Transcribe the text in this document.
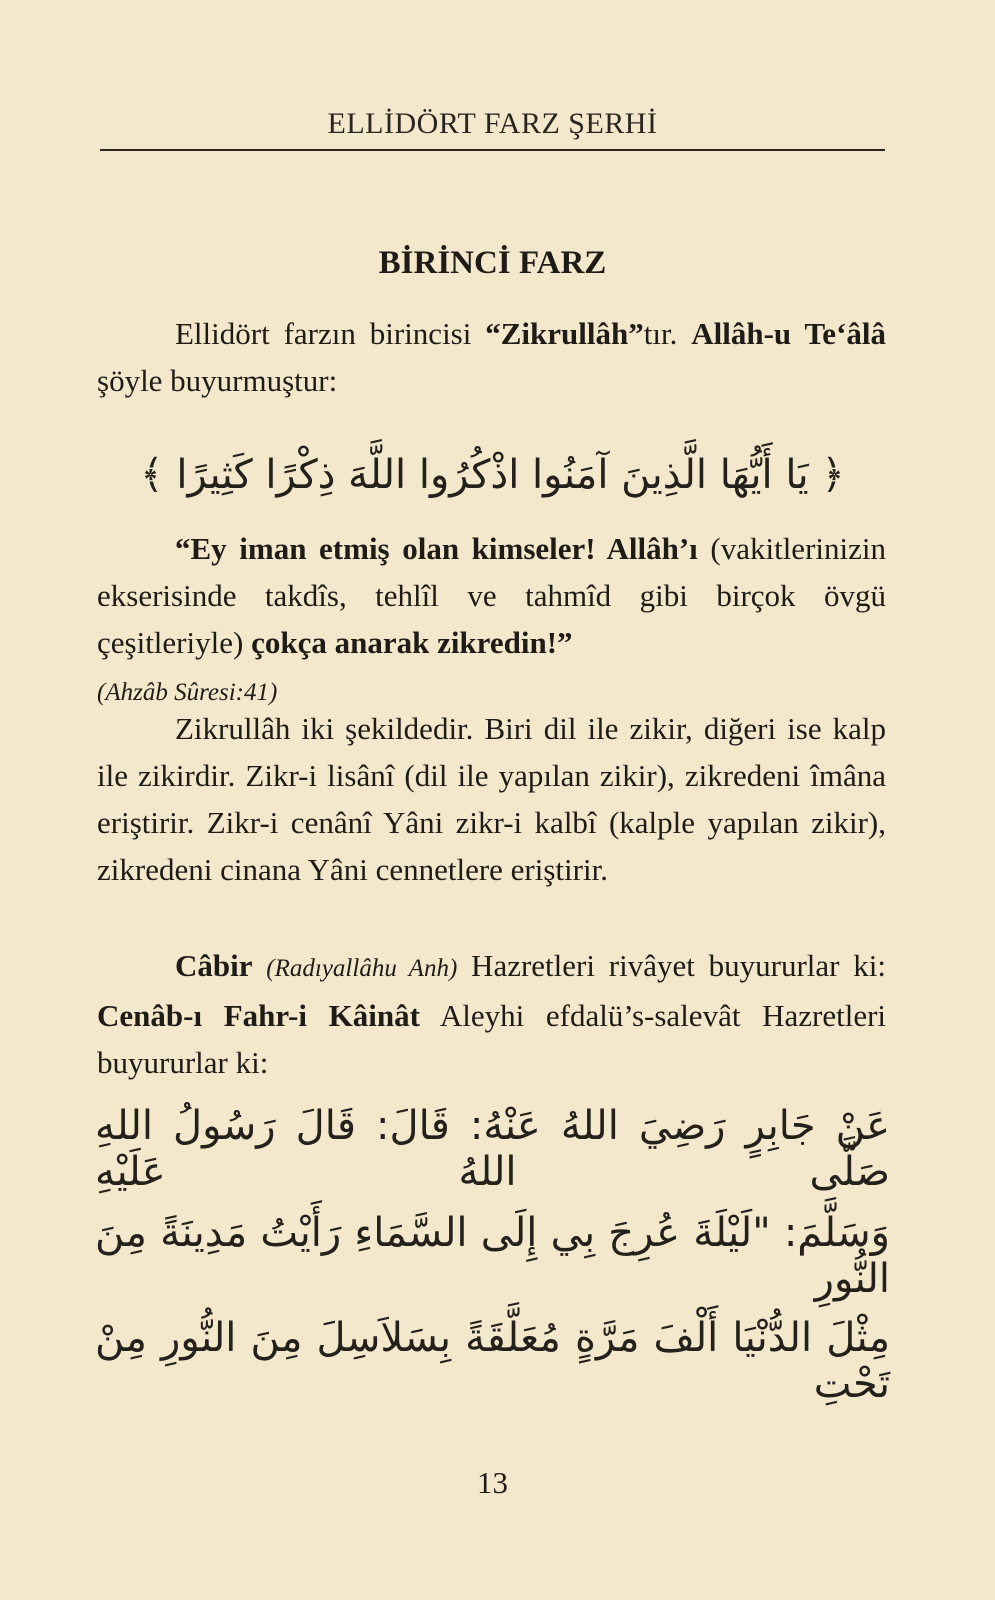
ELLİDÖRT FARZ ŞERHİ
BİRİNCİ FARZ

Ellidört farzın birincisi “Zikrullâh”tır. Allâh-u Te‘âlâ şöyle buyurmuştur:

﴿ يَا أَيُّهَا الَّذِينَ آمَنُوا اذْكُرُوا اللَّهَ ذِكْرًا كَثِيرًا ﴾

“Ey iman etmiş olan kimseler! Allâh’ı (vakitlerinizin ekserisinde takdîs, tehlîl ve tahmîd gibi birçok övgü çeşitleriyle) çokça anarak zikredin!”
(Ahzâb Sûresi:41)

Zikrullâh iki şekildedir. Biri dil ile zikir, diğeri ise kalp ile zikirdir. Zikr-i lisânî (dil ile yapılan zikir), zikredeni îmâna eriştirir. Zikr-i cenânî Yâni zikr-i kalbî (kalple yapılan zikir), zikredeni cinana Yâni cennetlere eriştirir.

Câbir (Radıyallâhu Anh) Hazretleri rivâyet buyururlar ki: Cenâb-ı Fahr-i Kâinât Aleyhi efdalü’s-salevât Hazretleri buyururlar ki:

عَنْ جَابِرٍ رَضِيَ اللهُ عَنْهُ: قَالَ: قَالَ رَسُولُ اللهِ صَلَّى اللهُ عَلَيْهِ
وَسَلَّمَ: "لَيْلَةَ عُرِجَ بِي إِلَى السَّمَاءِ رَأَيْتُ مَدِينَةً مِنَ النُّورِ
مِثْلَ الدُّنْيَا أَلْفَ مَرَّةٍ مُعَلَّقَةً بِسَلاَسِلَ مِنَ النُّورِ مِنْ تَحْتِ
13
